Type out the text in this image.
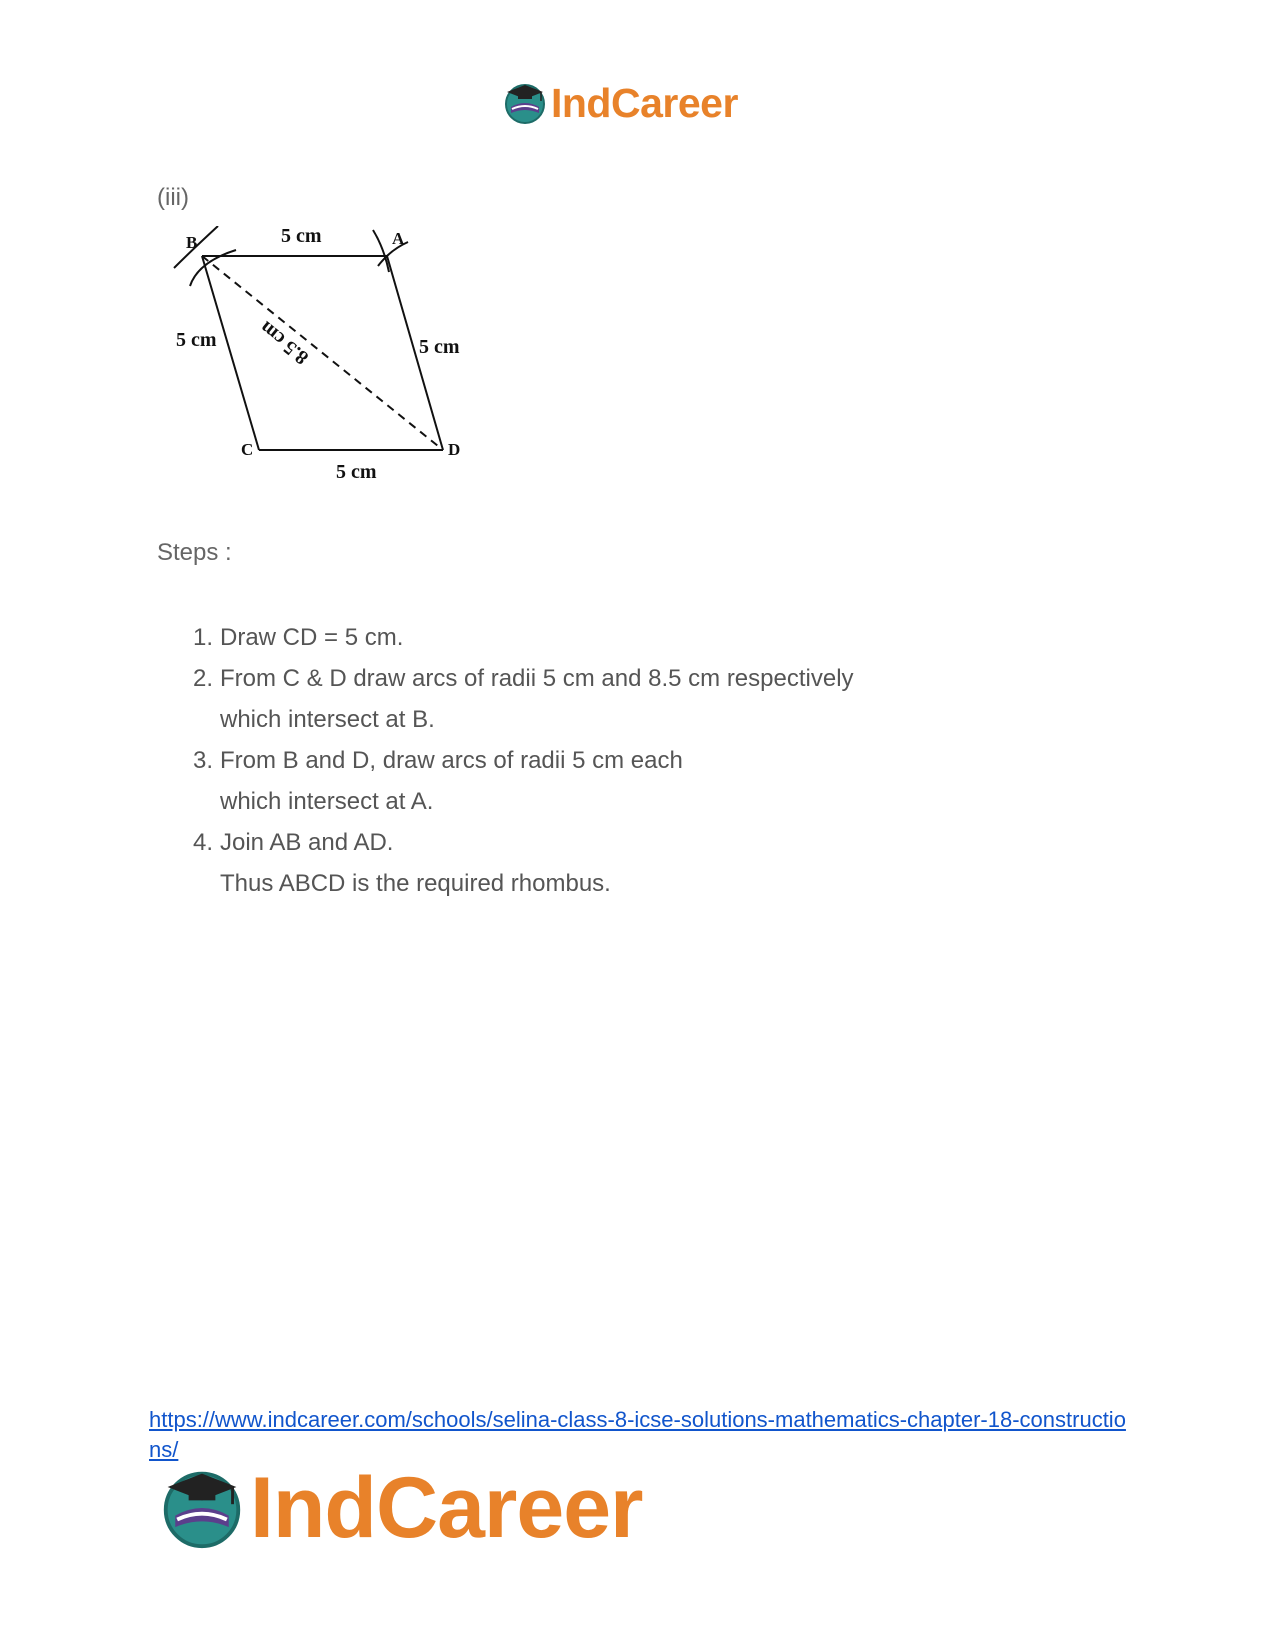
IndCareer
(iii)
B	A
C	D
5 cm
5 cm	5 cm
5 cm
8.5 cm
Steps :
1. Draw CD = 5 cm.
2. From C & D draw arcs of radii 5 cm and 8.5 cm respectively
which intersect at B.
3. From B and D, draw arcs of radii 5 cm each
which intersect at A.
4. Join AB and AD.
Thus ABCD is the required rhombus.
https://www.indcareer.com/schools/selina-class-8-icse-solutions-mathematics-chapter-18-constructions/
IndCareer
